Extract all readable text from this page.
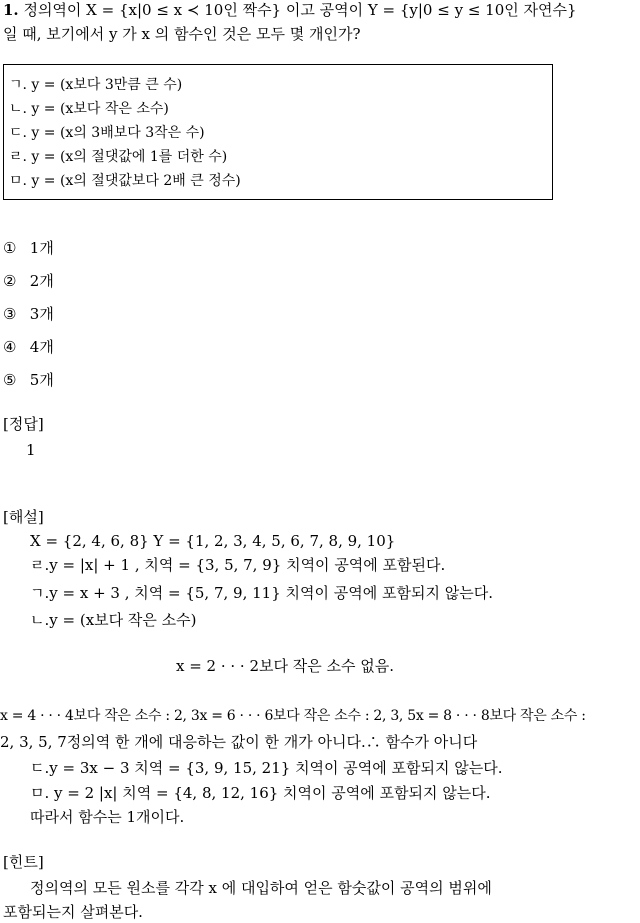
1. 정의역이 X = {x|0 ≤ x ≺ 10인 짝수} 이고 공역이 Y = {y|0 ≤ y ≤ 10인 자연수}
일 때, 보기에서 y 가 x 의 함수인 것은 모두 몇 개인가?
ㄱ. y = (x보다 3만큼 큰 수)
ㄴ. y = (x보다 작은 소수)
ㄷ. y = (x의 3배보다 3작은 수)
ㄹ. y = (x의 절댓값에 1를 더한 수)
ㅁ. y = (x의 절댓값보다 2배 큰 정수)
① 1개
② 2개
③ 3개
④ 4개
⑤ 5개
[정답]
1
[해설]
X = {2, 4, 6, 8} Y = {1, 2, 3, 4, 5, 6, 7, 8, 9, 10}
ㄹ.y = |x| + 1 , 치역 = {3, 5, 7, 9} 치역이 공역에 포함된다.
ㄱ.y = x + 3 , 치역 = {5, 7, 9, 11} 치역이 공역에 포함되지 않는다.
ㄴ.y = (x보다 작은 소수)
x = 2 · · · 2보다 작은 소수 없음.
x = 4 · · · 4보다 작은 소수 : 2, 3x = 6 · · · 6보다 작은 소수 : 2, 3, 5x = 8 · · · 8보다 작은 소수 :
2, 3, 5, 7정의역 한 개에 대응하는 값이 한 개가 아니다.∴ 함수가 아니다
ㄷ.y = 3x − 3 치역 = {3, 9, 15, 21} 치역이 공역에 포함되지 않는다.
ㅁ. y = 2 |x| 치역 = {4, 8, 12, 16} 치역이 공역에 포함되지 않는다.
따라서 함수는 1개이다.
[힌트]
정의역의 모든 원소를 각각 x 에 대입하여 얻은 함숫값이 공역의 범위에
포함되는지 살펴본다.
